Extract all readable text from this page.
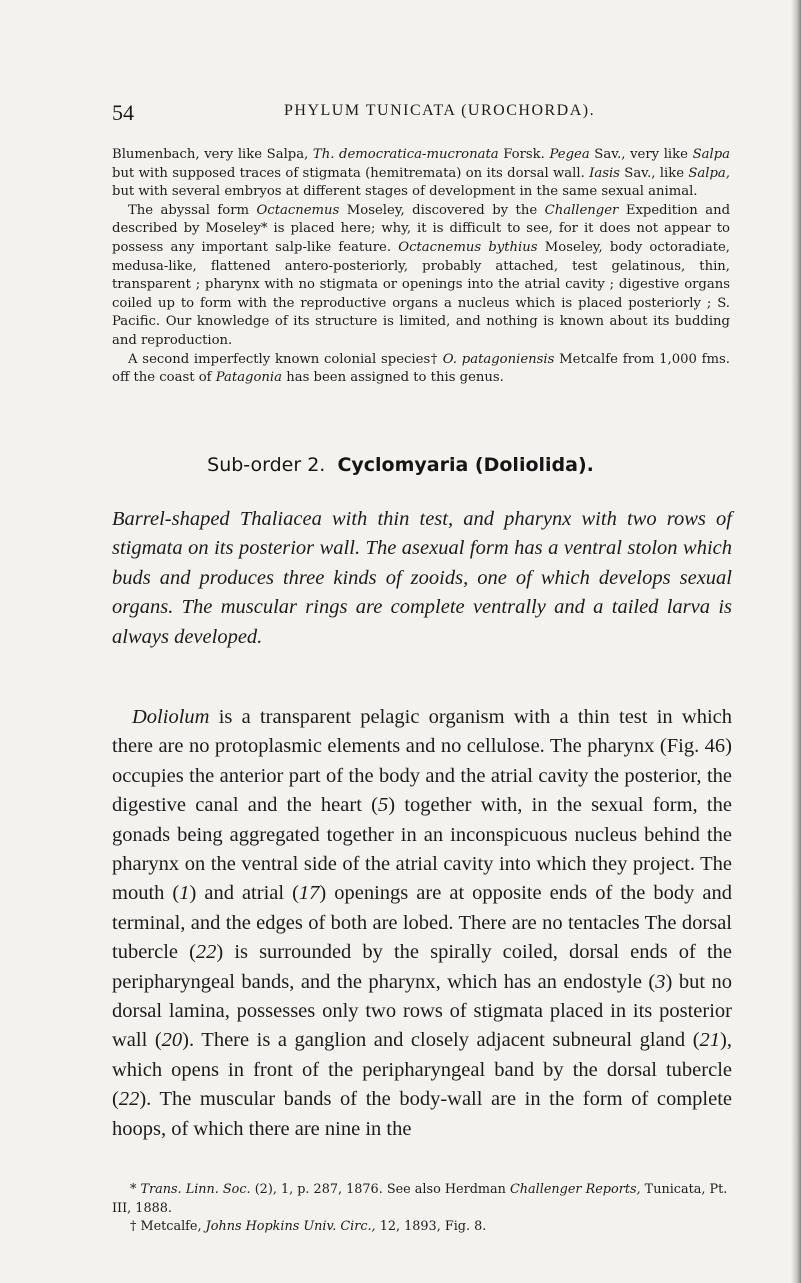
54	PHYLUM TUNICATA (UROCHORDA).

Blumenbach, very like Salpa, Th. democratica-mucronata Forsk. Pegea Sav., very like Salpa but with supposed traces of stigmata (hemitremata) on its dorsal wall. Iasis Sav., like Salpa, but with several embryos at different stages of development in the same sexual animal.

The abyssal form Octacnemus Moseley, discovered by the Challenger Expedition and described by Moseley* is placed here; why, it is difficult to see, for it does not appear to possess any important salp-like feature. Octacnemus bythius Moseley, body octoradiate, medusa-like, flattened antero-posteriorly, probably attached, test gelatinous, thin, transparent ; pharynx with no stigmata or openings into the atrial cavity ; digestive organs coiled up to form with the reproductive organs a nucleus which is placed posteriorly ; S. Pacific. Our knowledge of its structure is limited, and nothing is known about its budding and reproduction.

A second imperfectly known colonial species† O. patagoniensis Metcalfe from 1,000 fms. off the coast of Patagonia has been assigned to this genus.

Sub-order 2. Cyclomyaria (Doliolida).
Barrel-shaped Thaliacea with thin test, and pharynx with two rows of stigmata on its posterior wall. The asexual form has a ventral stolon which buds and produces three kinds of zooids, one of which develops sexual organs. The muscular rings are complete ventrally and a tailed larva is always developed.

Doliolum is a transparent pelagic organism with a thin test in which there are no protoplasmic elements and no cellulose. The pharynx (Fig. 46) occupies the anterior part of the body and the atrial cavity the posterior, the digestive canal and the heart (5) together with, in the sexual form, the gonads being aggregated together in an inconspicuous nucleus behind the pharynx on the ventral side of the atrial cavity into which they project. The mouth (1) and atrial (17) openings are at opposite ends of the body and terminal, and the edges of both are lobed. There are no tentacles The dorsal tubercle (22) is surrounded by the spirally coiled, dorsal ends of the peripharyngeal bands, and the pharynx, which has an endostyle (3) but no dorsal lamina, possesses only two rows of stigmata placed in its posterior wall (20). There is a ganglion and closely adjacent subneural gland (21), which opens in front of the peripharyngeal band by the dorsal tubercle (22). The muscular bands of the body-wall are in the form of complete hoops, of which there are nine in the

* Trans. Linn. Soc. (2), 1, p. 287, 1876. See also Herdman Challenger Reports, Tunicata, Pt. III, 1888.

† Metcalfe, Johns Hopkins Univ. Circ., 12, 1893, Fig. 8.
